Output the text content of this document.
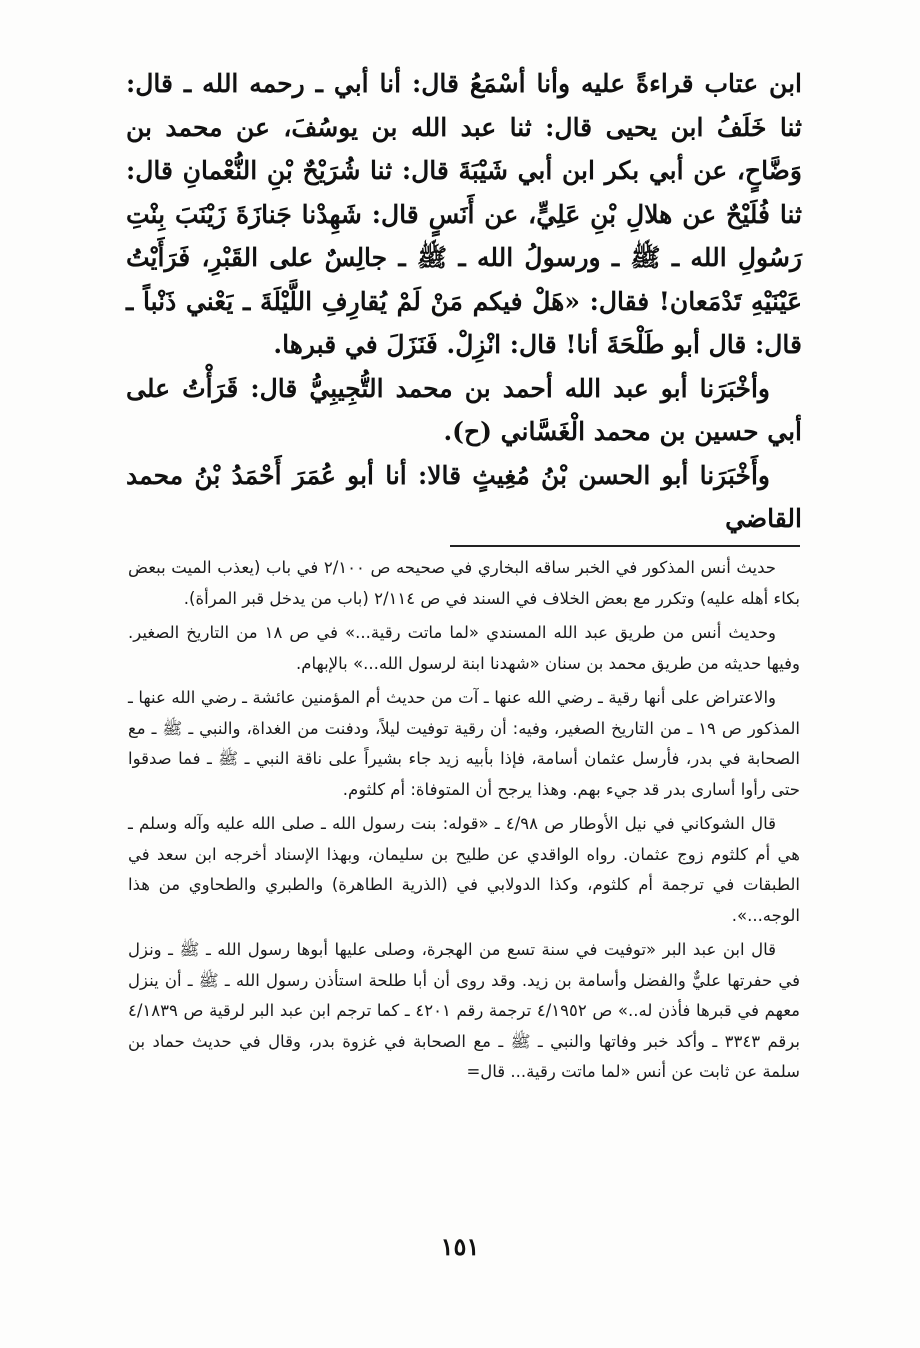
ابن عتاب قراءةً عليه وأنا أسْمَعُ قال: أنا أبي ـ رحمه الله ـ قال: ثنا خَلَفُ ابن يحيى قال: ثنا عبد الله بن يوسُفَ، عن محمد بن وَضَّاحٍ، عن أبي بكر ابن أبي شَيْبَةَ قال: ثنا شُرَيْحٌ بْنِ النُّعْمانِ قال: ثنا فُلَيْحٌ عن هلالِ بْنِ عَلِيٍّ، عن أَنَسٍ قال: شَهِدْنا جَنازَةَ زَيْنَبَ بِنْتِ رَسُولِ الله ـ ﷺ ـ ورسولُ الله ـ ﷺ ـ جالِسٌ على القَبْرِ، فَرَأَيْتُ عَيْنَيْهِ تَدْمَعان! فقال: «هَلْ فيكم مَنْ لَمْ يُقارِفِ اللَّيْلَةَ ـ يَعْني ذَنْباً ـ قال: قال أبو طَلْحَةَ أنا! قال: انْزِلْ. فَنَزَلَ في قبرها.

وأخْبَرَنا أبو عبد الله أحمد بن محمد التُّجِيبِيُّ قال: قَرَأْتُ على أبي حسين بن محمد الْغَسَّاني (ح).

وأَخْبَرَنا أبو الحسن بْنُ مُغِيثٍ قالا: أنا أبو عُمَرَ أَحْمَدُ بْنُ محمد القاضي

حديث أنس المذكور في الخبر ساقه البخاري في صحيحه ص ٢/١٠٠ في باب (يعذب الميت ببعض بكاء أهله عليه) وتكرر مع بعض الخلاف في السند في ص ٢/١١٤ (باب من يدخل قبر المرأة).

وحديث أنس من طريق عبد الله المسندي «لما ماتت رقية...» في ص ١٨ من التاريخ الصغير. وفيها حديثه من طريق محمد بن سنان «شهدنا ابنة لرسول الله...» بالإبهام.

والاعتراض على أنها رقية ـ رضي الله عنها ـ آت من حديث أم المؤمنين عائشة ـ رضي الله عنها ـ المذكور ص ١٩ ـ من التاريخ الصغير، وفيه: أن رقية توفيت ليلاً، ودفنت من الغداة، والنبي ـ ﷺ ـ مع الصحابة في بدر، فأرسل عثمان أسامة، فإذا بأبيه زيد جاء بشيراً على ناقة النبي ـ ﷺ ـ فما صدقوا حتى رأوا أسارى بدر قد جيء بهم. وهذا يرجح أن المتوفاة: أم كلثوم.

قال الشوكاني في نيل الأوطار ص ٤/٩٨ ـ «قوله: بنت رسول الله ـ صلى الله عليه وآله وسلم ـ هي أم كلثوم زوج عثمان. رواه الواقدي عن طليح بن سليمان، وبهذا الإسناد أخرجه ابن سعد في الطبقات في ترجمة أم كلثوم، وكذا الدولابي في (الذرية الطاهرة) والطبري والطحاوي من هذا الوجه...».

قال ابن عبد البر «توفيت في سنة تسع من الهجرة، وصلى عليها أبوها رسول الله ـ ﷺ ـ ونزل في حفرتها عليٌّ والفضل وأسامة بن زيد. وقد روى أن أبا طلحة استأذن رسول الله ـ ﷺ ـ أن ينزل معهم في قبرها فأذن له..» ص ٤/١٩٥٢ ترجمة رقم ٤٢٠١ ـ كما ترجم ابن عبد البر لرقية ص ٤/١٨٣٩ برقم ٣٣٤٣ ـ وأكد خبر وفاتها والنبي ـ ﷺ ـ مع الصحابة في غزوة بدر، وقال في حديث حماد بن سلمة عن ثابت عن أنس «لما ماتت رقية... قال=

١٥١
